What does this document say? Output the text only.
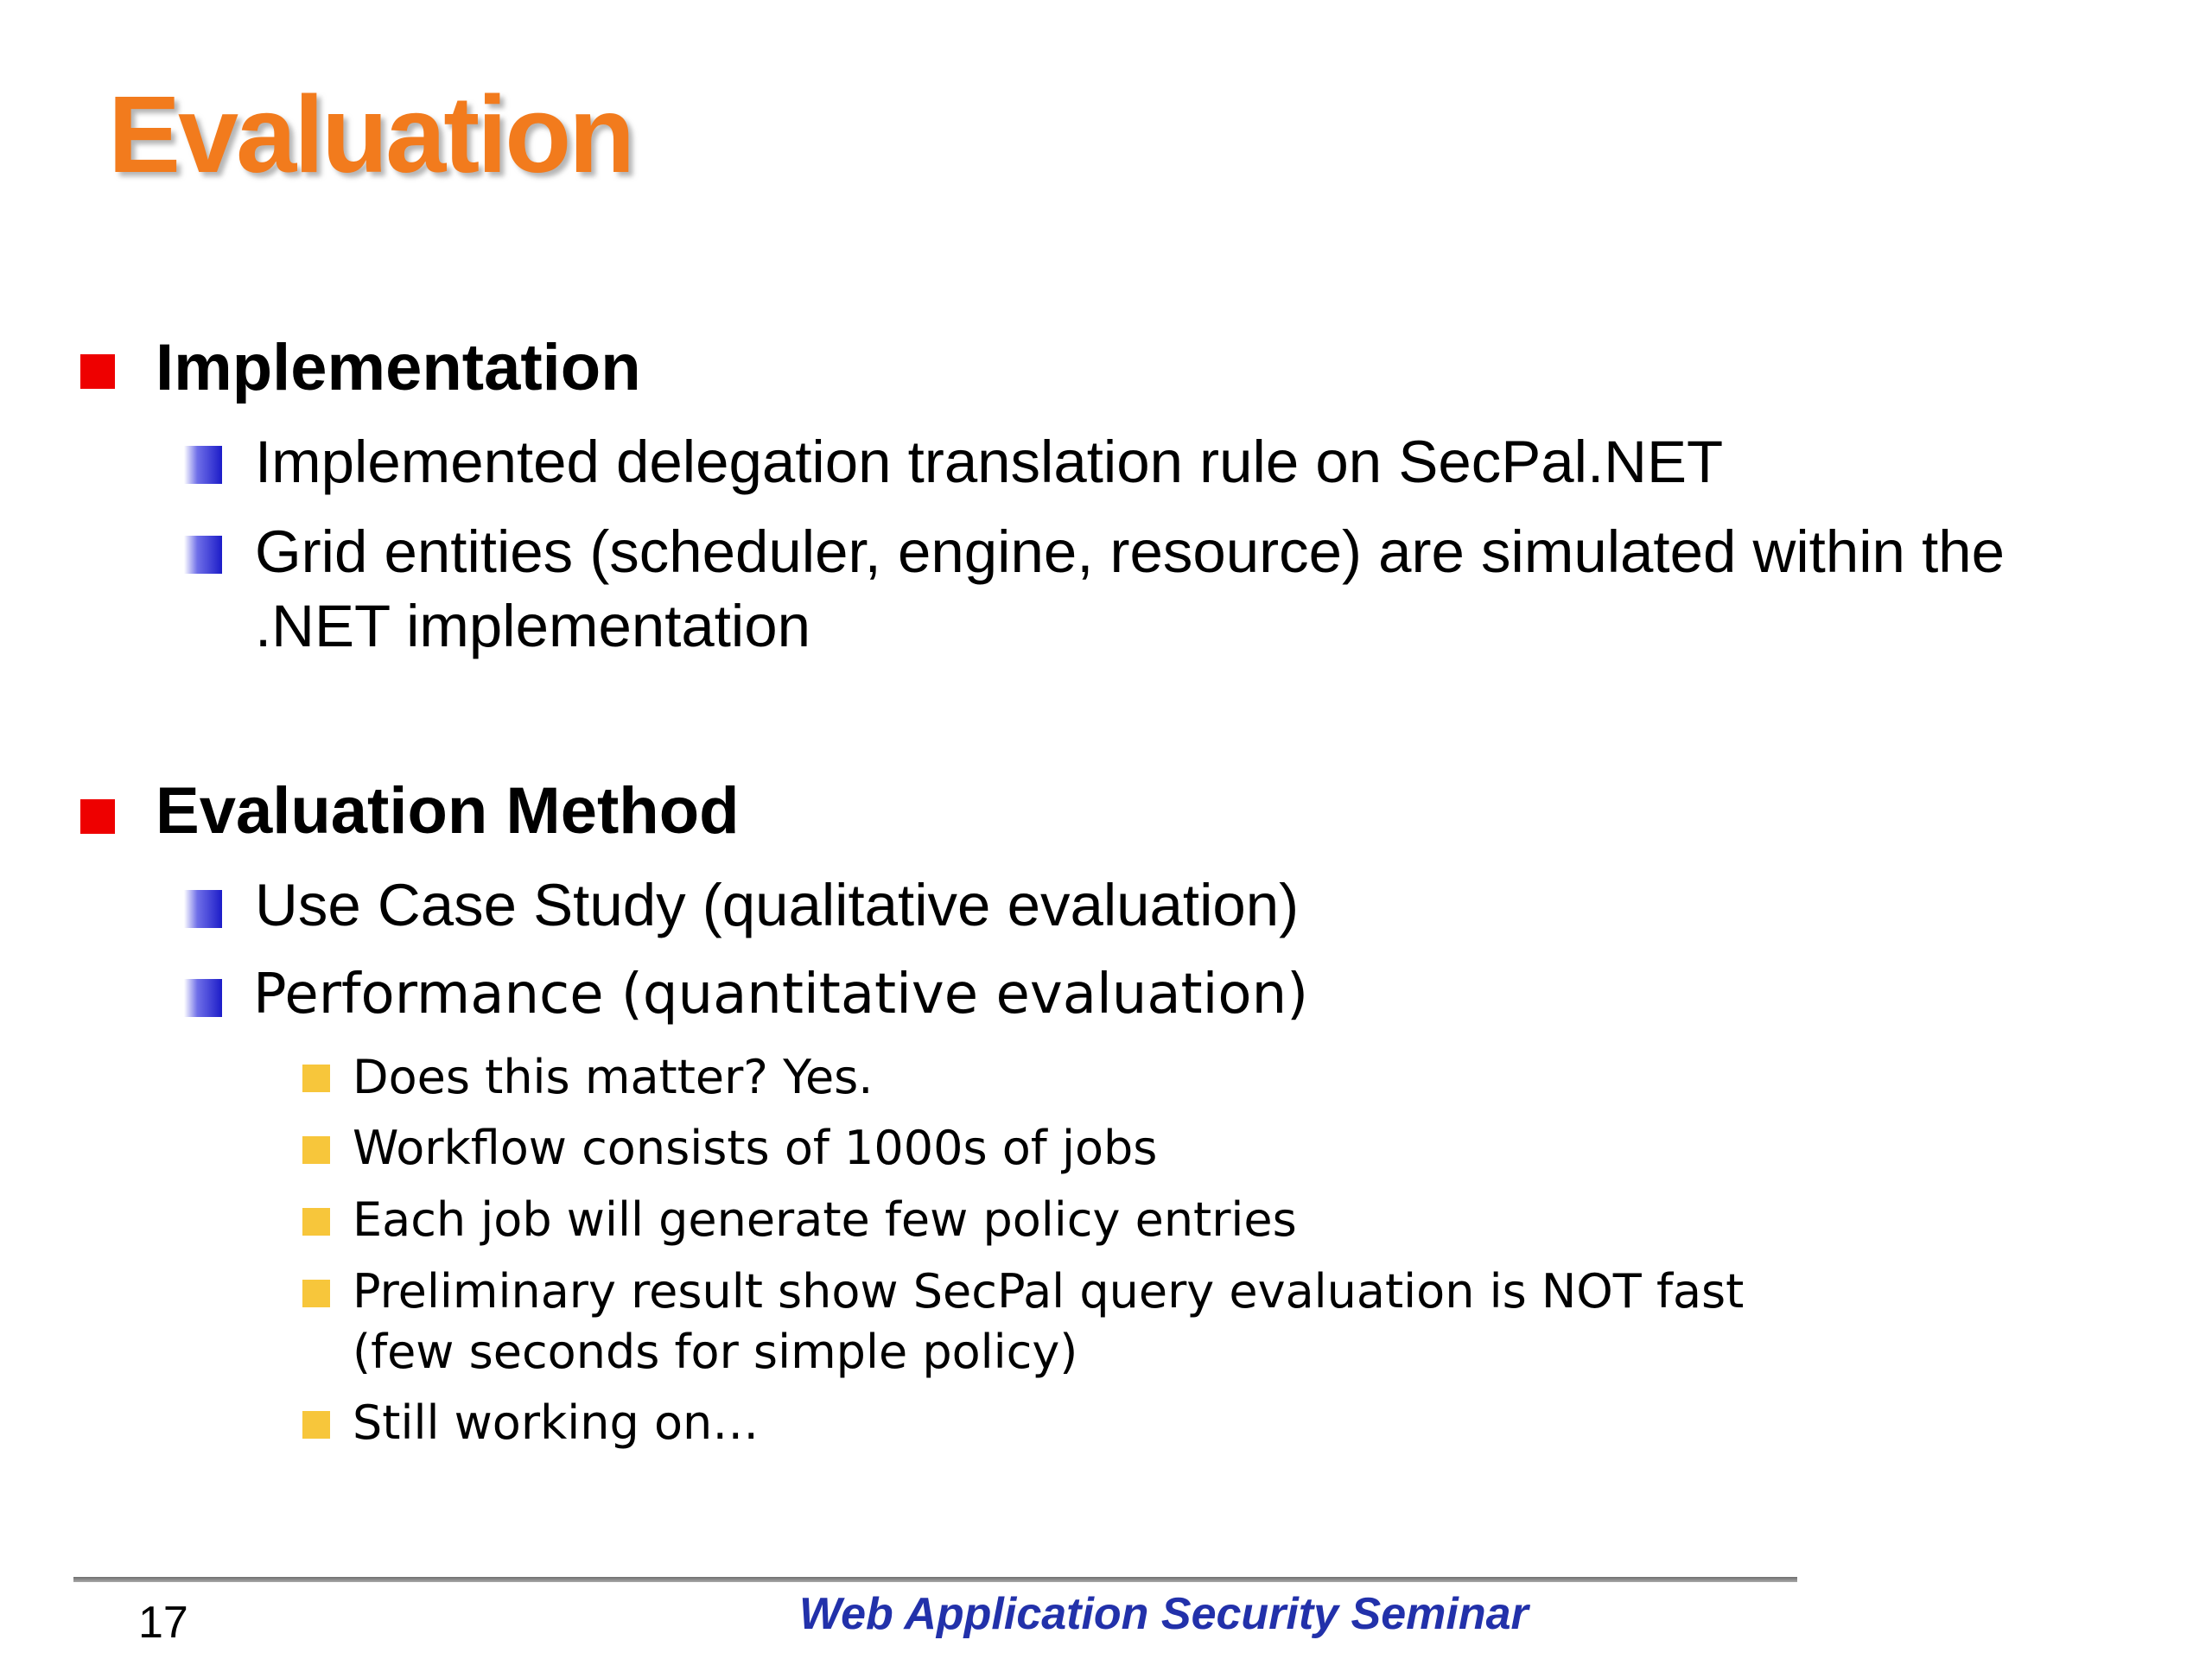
Evaluation
Implementation
Implemented delegation translation rule on SecPal.NET
Grid entities (scheduler, engine, resource) are simulated within the
.NET implementation
Evaluation Method
Use Case Study (qualitative evaluation)
Performance (quantitative evaluation)
Does this matter? Yes.
Workflow consists of 1000s of jobs
Each job will generate few policy entries
Preliminary result show SecPal query evaluation is NOT fast
(few seconds for simple policy)
Still working on…
17	Web Application Security Seminar
